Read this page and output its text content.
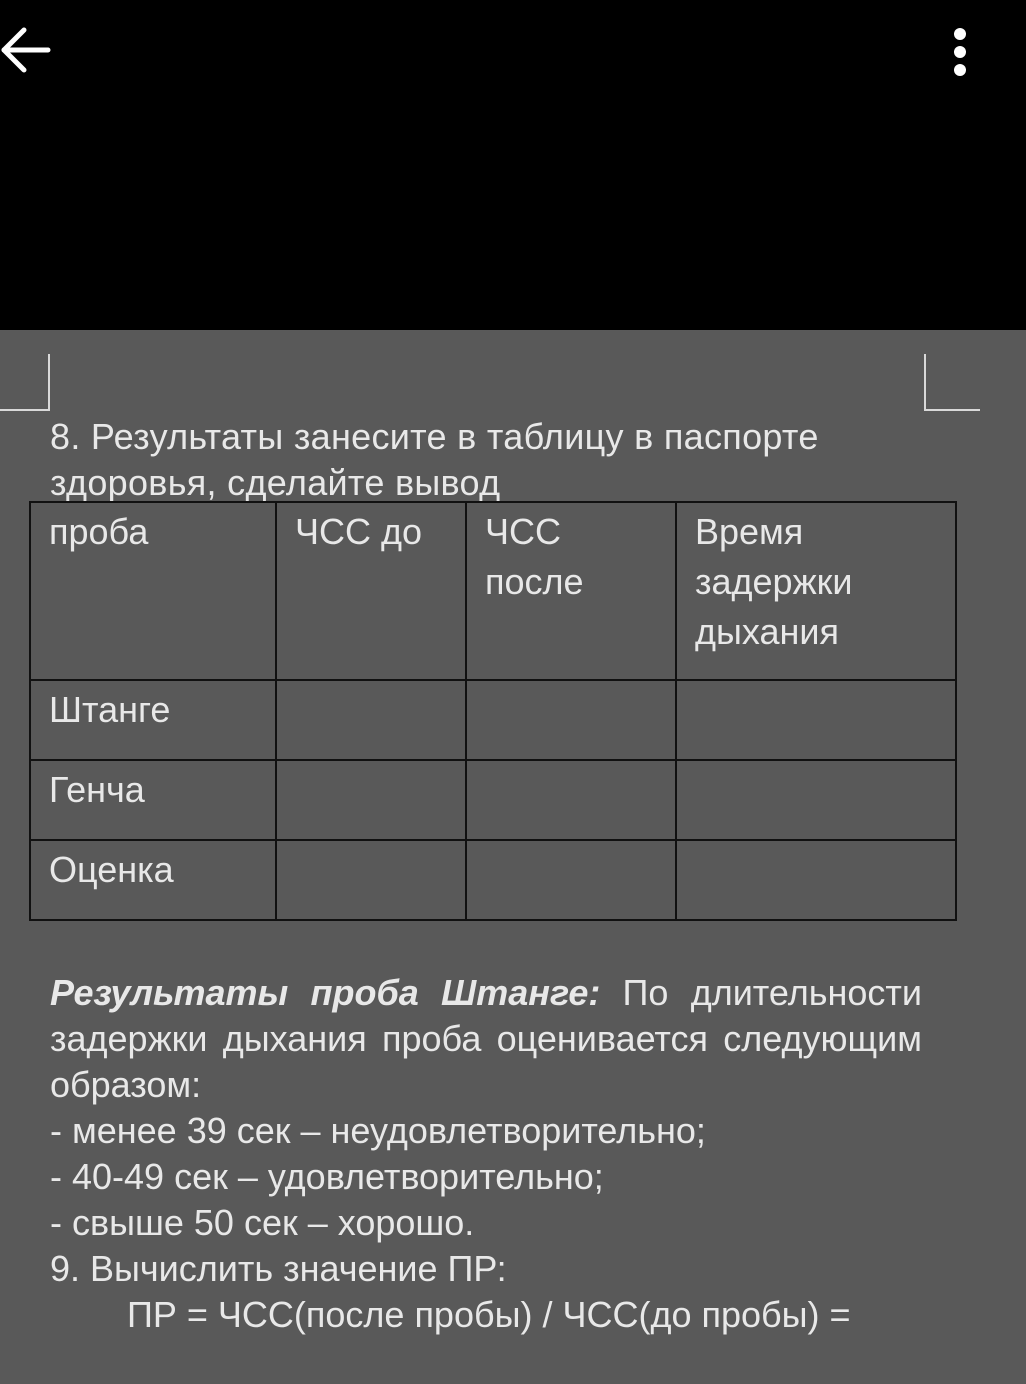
8. Результаты занесите в таблицу в паспорте здоровья, сделайте вывод

проба	ЧСС до	ЧСС после	Время задержки дыхания
Штанге			
Генча			
Оценка			

Результаты проба Штанге: По длительности задержки дыхания проба оценивается следующим образом:

- менее 39 сек – неудовлетворительно;
- 40-49 сек – удовлетворительно;
- свыше 50 сек – хорошо.
9. Вычислить значение ПР:
ПР = ЧСС(после пробы) / ЧСС(до пробы) =
